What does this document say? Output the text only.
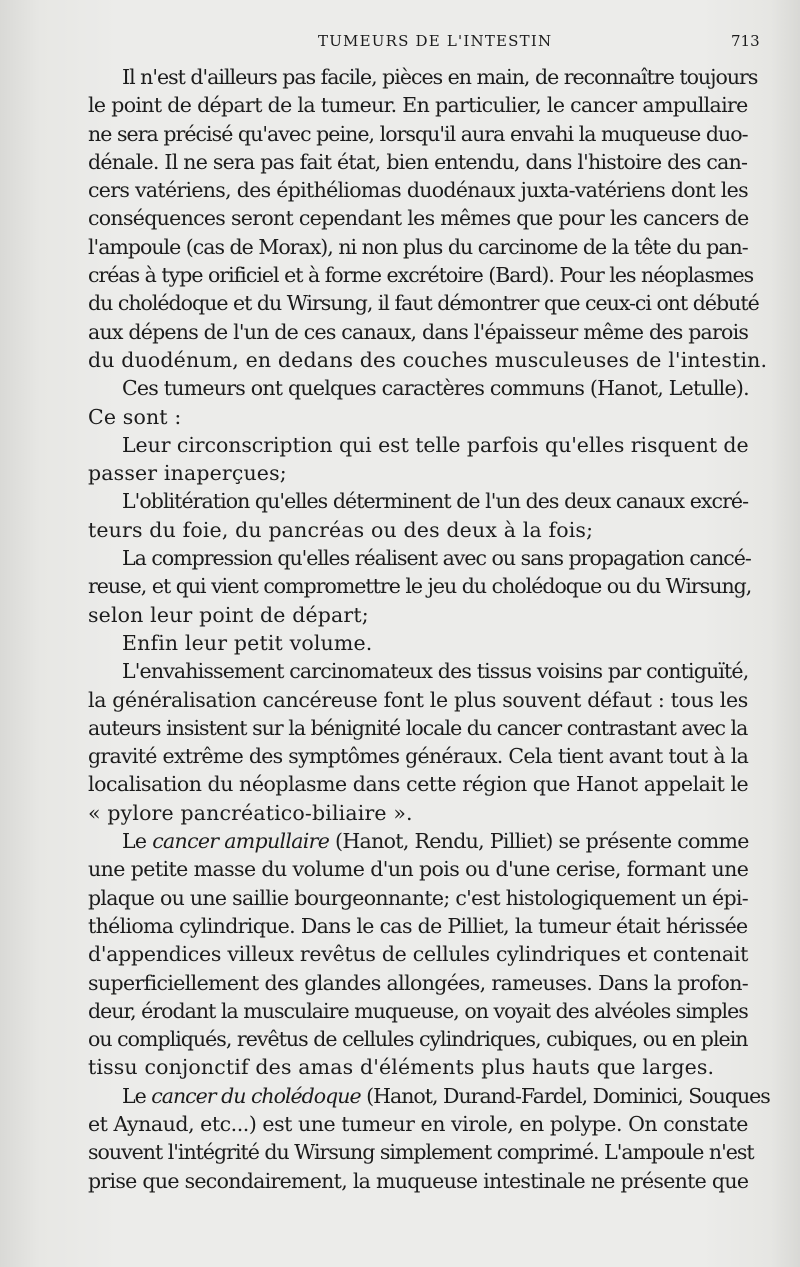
TUMEURS DE L'INTESTIN	713
Il n'est d'ailleurs pas facile, pièces en main, de reconnaître toujours
le point de départ de la tumeur. En particulier, le cancer ampullaire
ne sera précisé qu'avec peine, lorsqu'il aura envahi la muqueuse duo-
dénale. Il ne sera pas fait état, bien entendu, dans l'histoire des can-
cers vatériens, des épithéliomas duodénaux juxta-vatériens dont les
conséquences seront cependant les mêmes que pour les cancers de
l'ampoule (cas de Morax), ni non plus du carcinome de la tête du pan-
créas à type orificiel et à forme excrétoire (Bard). Pour les néoplasmes
du cholédoque et du Wirsung, il faut démontrer que ceux-ci ont débuté
aux dépens de l'un de ces canaux, dans l'épaisseur même des parois
du duodénum, en dedans des couches musculeuses de l'intestin.
Ces tumeurs ont quelques caractères communs (Hanot, Letulle).
Ce sont :
Leur circonscription qui est telle parfois qu'elles risquent de
passer inaperçues;
L'oblitération qu'elles déterminent de l'un des deux canaux excré-
teurs du foie, du pancréas ou des deux à la fois;
La compression qu'elles réalisent avec ou sans propagation cancé-
reuse, et qui vient compromettre le jeu du cholédoque ou du Wirsung,
selon leur point de départ;
Enfin leur petit volume.
L'envahissement carcinomateux des tissus voisins par contiguïté,
la généralisation cancéreuse font le plus souvent défaut : tous les
auteurs insistent sur la bénignité locale du cancer contrastant avec la
gravité extrême des symptômes généraux. Cela tient avant tout à la
localisation du néoplasme dans cette région que Hanot appelait le
« pylore pancréatico-biliaire ».
Le cancer ampullaire (Hanot, Rendu, Pilliet) se présente comme
une petite masse du volume d'un pois ou d'une cerise, formant une
plaque ou une saillie bourgeonnante; c'est histologiquement un épi-
thélioma cylindrique. Dans le cas de Pilliet, la tumeur était hérissée
d'appendices villeux revêtus de cellules cylindriques et contenait
superficiellement des glandes allongées, rameuses. Dans la profon-
deur, érodant la musculaire muqueuse, on voyait des alvéoles simples
ou compliqués, revêtus de cellules cylindriques, cubiques, ou en plein
tissu conjonctif des amas d'éléments plus hauts que larges.
Le cancer du cholédoque (Hanot, Durand-Fardel, Dominici, Souques
et Aynaud, etc...) est une tumeur en virole, en polype. On constate
souvent l'intégrité du Wirsung simplement comprimé. L'ampoule n'est
prise que secondairement, la muqueuse intestinale ne présente que
